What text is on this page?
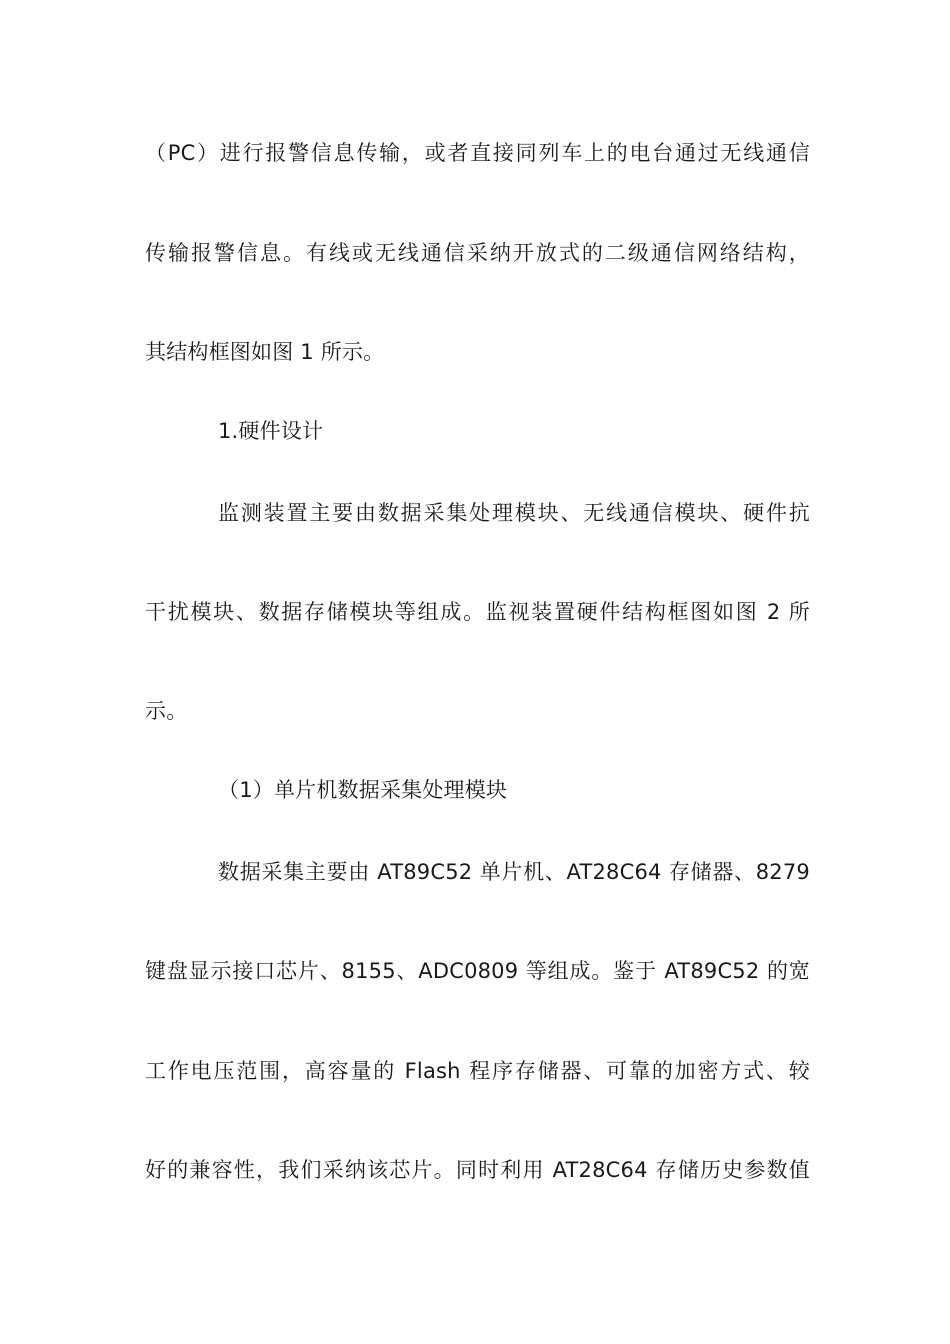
（PC）进行报警信息传输，或者直接同列车上的电台通过无线通信
传输报警信息。有线或无线通信采纳开放式的二级通信网络结构，
其结构框图如图 1 所示。
1.硬件设计
监测装置主要由数据采集处理模块、无线通信模块、硬件抗
干扰模块、数据存储模块等组成。监视装置硬件结构框图如图 2 所
示。
（1）单片机数据采集处理模块
数据采集主要由 AT89C52 单片机、AT28C64 存储器、8279
键盘显示接口芯片、8155、ADC0809 等组成。鉴于 AT89C52 的宽
工作电压范围，高容量的 Flash 程序存储器、可靠的加密方式、较
好的兼容性，我们采纳该芯片。同时利用 AT28C64 存储历史参数值
